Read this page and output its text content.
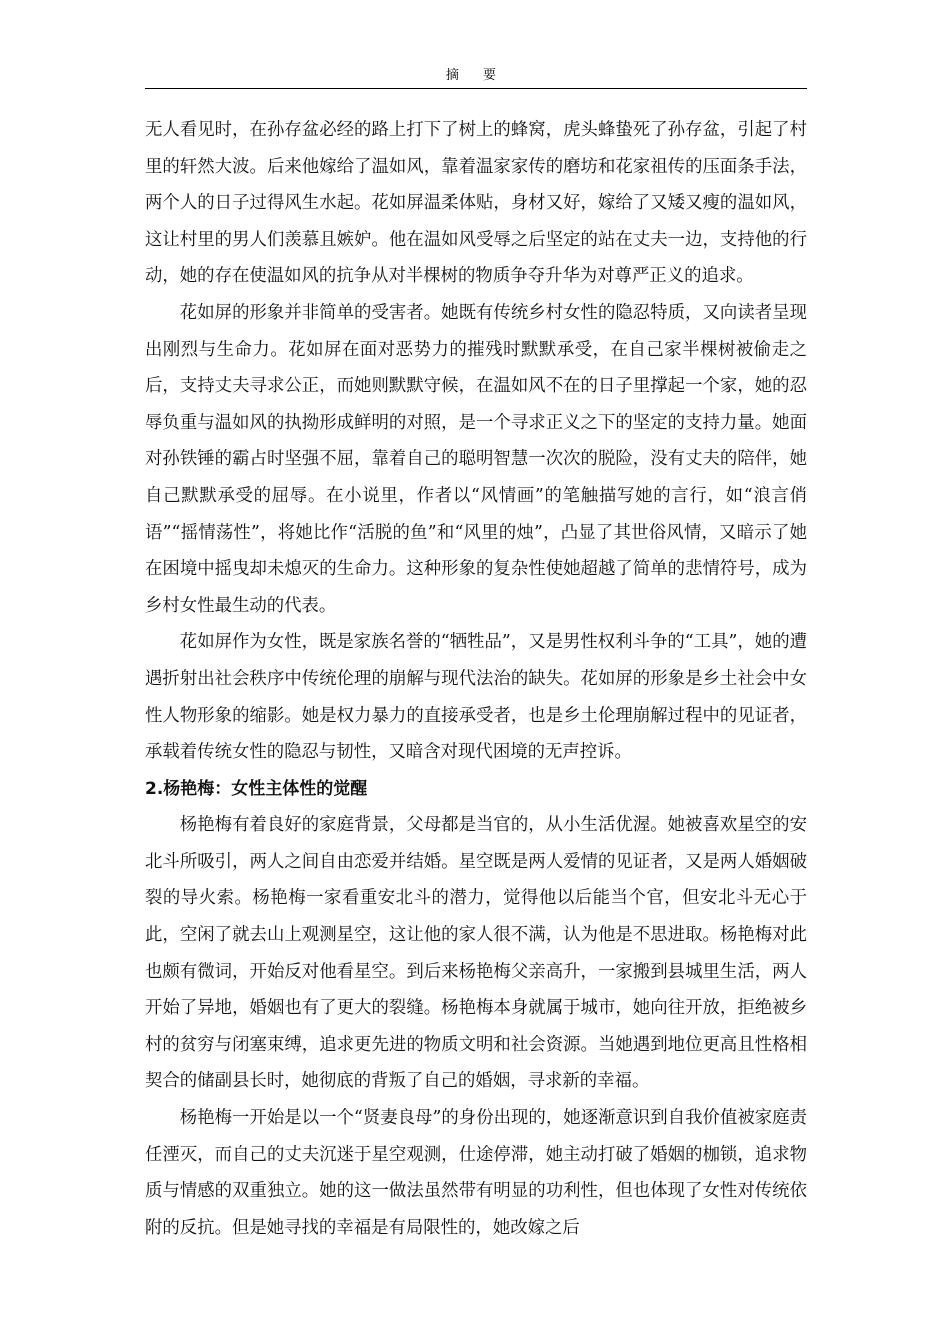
摘 要

无人看见时，在孙存盆必经的路上打下了树上的蜂窝，虎头蜂蛰死了孙存盆，引起了村里的轩然大波。后来他嫁给了温如风，靠着温家家传的磨坊和花家祖传的压面条手法，两个人的日子过得风生水起。花如屏温柔体贴，身材又好，嫁给了又矮又瘦的温如风，这让村里的男人们羡慕且嫉妒。他在温如风受辱之后坚定的站在丈夫一边，支持他的行动，她的存在使温如风的抗争从对半棵树的物质争夺升华为对尊严正义的追求。

花如屏的形象并非简单的受害者。她既有传统乡村女性的隐忍特质，又向读者呈现出刚烈与生命力。花如屏在面对恶势力的摧残时默默承受，在自己家半棵树被偷走之后，支持丈夫寻求公正，而她则默默守候，在温如风不在的日子里撑起一个家，她的忍辱负重与温如风的执拗形成鲜明的对照，是一个寻求正义之下的坚定的支持力量。她面对孙铁锤的霸占时坚强不屈，靠着自己的聪明智慧一次次的脱险，没有丈夫的陪伴，她自己默默承受的屈辱。在小说里，作者以“风情画”的笔触描写她的言行，如“浪言俏语”“摇情荡性”，将她比作“活脱的鱼”和“风里的烛”，凸显了其世俗风情，又暗示了她在困境中摇曳却未熄灭的生命力。这种形象的复杂性使她超越了简单的悲情符号，成为乡村女性最生动的代表。

花如屏作为女性，既是家族名誉的“牺牲品”，又是男性权利斗争的“工具”，她的遭遇折射出社会秩序中传统伦理的崩解与现代法治的缺失。花如屏的形象是乡土社会中女性人物形象的缩影。她是权力暴力的直接承受者，也是乡土伦理崩解过程中的见证者，承载着传统女性的隐忍与韧性，又暗含对现代困境的无声控诉。

2.杨艳梅：女性主体性的觉醒

杨艳梅有着良好的家庭背景，父母都是当官的，从小生活优渥。她被喜欢星空的安北斗所吸引，两人之间自由恋爱并结婚。星空既是两人爱情的见证者，又是两人婚姻破裂的导火索。杨艳梅一家看重安北斗的潜力，觉得他以后能当个官，但安北斗无心于此，空闲了就去山上观测星空，这让他的家人很不满，认为他是不思进取。杨艳梅对此也颇有微词，开始反对他看星空。到后来杨艳梅父亲高升，一家搬到县城里生活，两人开始了异地，婚姻也有了更大的裂缝。杨艳梅本身就属于城市，她向往开放，拒绝被乡村的贫穷与闭塞束缚，追求更先进的物质文明和社会资源。当她遇到地位更高且性格相契合的储副县长时，她彻底的背叛了自己的婚姻，寻求新的幸福。

杨艳梅一开始是以一个“贤妻良母”的身份出现的，她逐渐意识到自我价值被家庭责任湮灭，而自己的丈夫沉迷于星空观测，仕途停滞，她主动打破了婚姻的枷锁，追求物质与情感的双重独立。她的这一做法虽然带有明显的功利性，但也体现了女性对传统依附的反抗。但是她寻找的幸福是有局限性的，她改嫁之后
